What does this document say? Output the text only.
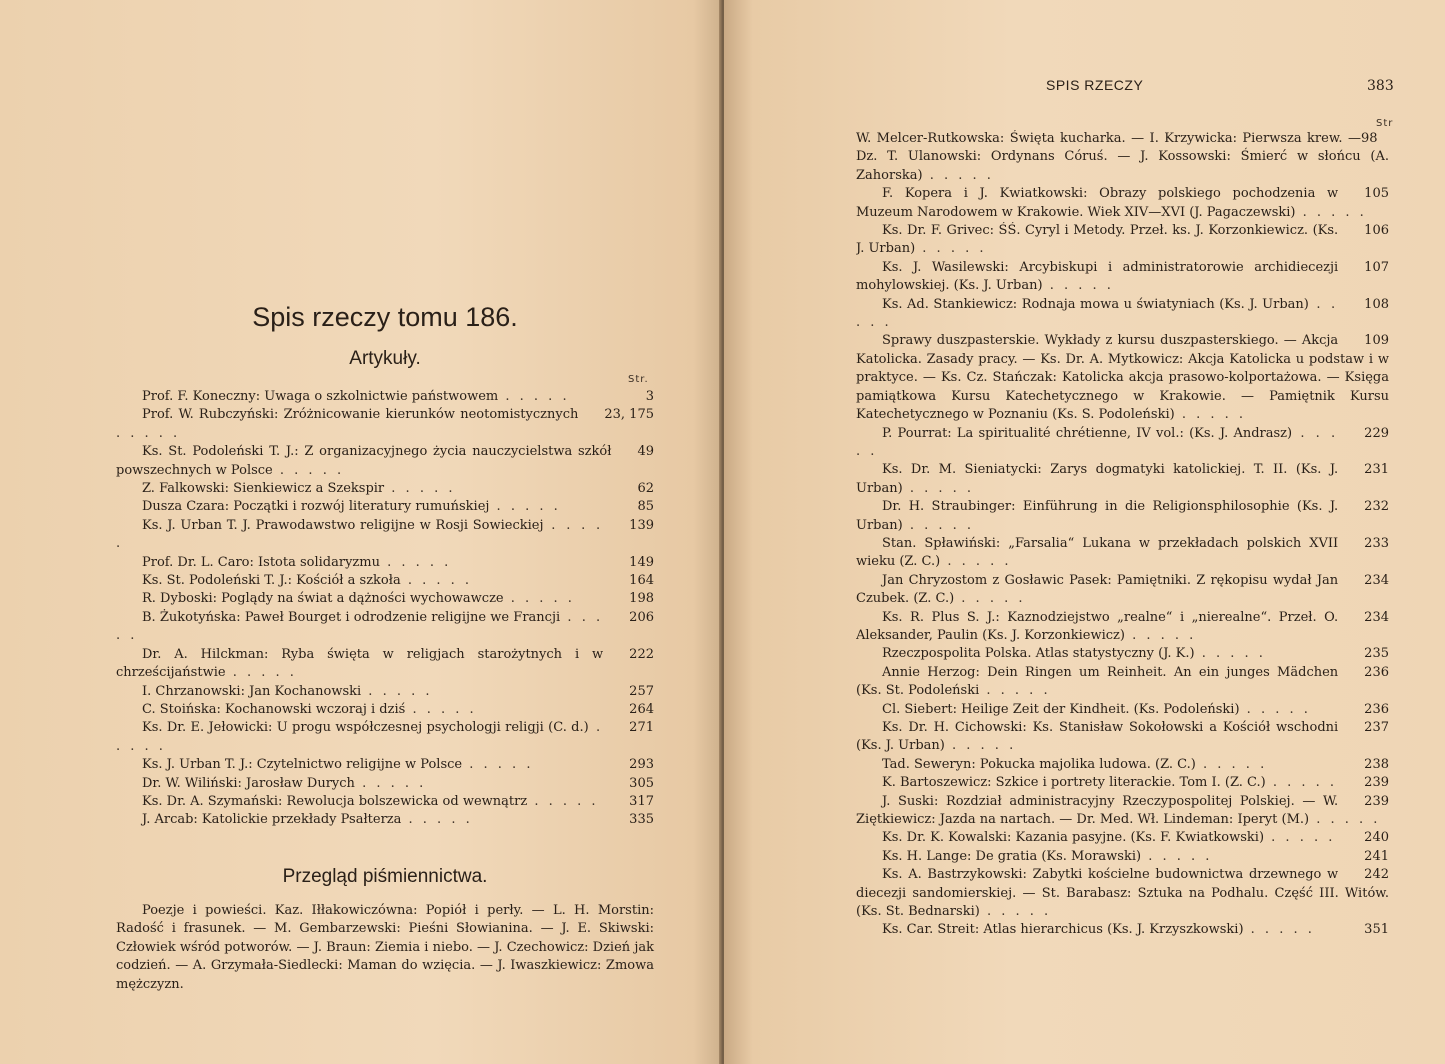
Spis rzeczy tomu 186.
Artykuły.
Str.
3
Prof. F. Koneczny: Uwaga o szkolnictwie państwowem . . . . .
23, 175
Prof. W. Rubczyński: Zróżnicowanie kierunków neotomistycznych . . . . .
49
Ks. St. Podoleński T. J.: Z organizacyjnego życia nauczycielstwa szkół powszechnych w Polsce . . . . .
62
Z. Falkowski: Sienkiewicz a Szekspir . . . . .
85
Dusza Czara: Początki i rozwój literatury rumuńskiej . . . . .
139
Ks. J. Urban T. J. Prawodawstwo religijne w Rosji Sowieckiej . . . . .
149
Prof. Dr. L. Caro: Istota solidaryzmu . . . . .
164
Ks. St. Podoleński T. J.: Kościół a szkoła . . . . .
198
R. Dyboski: Poglądy na świat a dążności wychowawcze . . . . .
206
B. Żukotyńska: Paweł Bourget i odrodzenie religijne we Francji . . . . .
222
Dr. A. Hilckman: Ryba święta w religjach starożytnych i w chrześcijaństwie . . . . .
257
I. Chrzanowski: Jan Kochanowski . . . . .
264
C. Stoińska: Kochanowski wczoraj i dziś . . . . .
271
Ks. Dr. E. Jełowicki: U progu współczesnej psychologji religji (C. d.) . . . . .
293
Ks. J. Urban T. J.: Czytelnictwo religijne w Polsce . . . . .
305
Dr. W. Wiliński: Jarosław Durych . . . . .
317
Ks. Dr. A. Szymański: Rewolucja bolszewicka od wewnątrz . . . . .
335
J. Arcab: Katolickie przekłady Psałterza . . . . .
Przegląd piśmiennictwa.
Poezje i powieści. Kaz. Iłłakowiczówna: Popiół i perły. — L. H. Morstin: Radość i frasunek. — M. Gembarzewski: Pieśni Słowianina. — J. E. Skiwski: Człowiek wśród potworów. — J. Braun: Ziemia i niebo. — J. Czechowicz: Dzień jak codzień. — A. Grzymała-Siedlecki: Maman do wzięcia. — J. Iwaszkiewicz: Zmowa mężczyzn.
SPIS RZECZY	383
Str
98
W. Melcer-Rutkowska: Święta kucharka. — I. Krzywicka: Pierwsza krew. — Dz. T. Ulanowski: Ordynans Córuś. — J. Kossowski: Śmierć w słońcu (A. Zahorska) . . . . .
105
F. Kopera i J. Kwiatkowski: Obrazy polskiego pochodzenia w Muzeum Narodowem w Krakowie. Wiek XIV—XVI (J. Pagaczewski) . . . . .
106
Ks. Dr. F. Grivec: ŚŚ. Cyryl i Metody. Przeł. ks. J. Korzonkiewicz. (Ks. J. Urban) . . . . .
107
Ks. J. Wasilewski: Arcybiskupi i administratorowie archidiecezji mohylowskiej. (Ks. J. Urban) . . . . .
108
Ks. Ad. Stankiewicz: Rodnaja mowa u światyniach (Ks. J. Urban) . . . . .
109
Sprawy duszpasterskie. Wykłady z kursu duszpasterskiego. — Akcja Katolicka. Zasady pracy. — Ks. Dr. A. Mytkowicz: Akcja Katolicka u podstaw i w praktyce. — Ks. Cz. Stańczak: Katolicka akcja prasowo-kolportażowa. — Księga pamiątkowa Kursu Katechetycznego w Krakowie. — Pamiętnik Kursu Katechetycznego w Poznaniu (Ks. S. Podoleński) . . . . .
229
P. Pourrat: La spiritualité chrétienne, IV vol.: (Ks. J. Andrasz) . . . . .
231
Ks. Dr. M. Sieniatycki: Zarys dogmatyki katolickiej. T. II. (Ks. J. Urban) . . . . .
232
Dr. H. Straubinger: Einführung in die Religionsphilosophie (Ks. J. Urban) . . . . .
233
Stan. Spławiński: „Farsalia“ Lukana w przekładach polskich XVII wieku (Z. C.) . . . . .
234
Jan Chryzostom z Gosławic Pasek: Pamiętniki. Z rękopisu wydał Jan Czubek. (Z. C.) . . . . .
234
Ks. R. Plus S. J.: Kaznodziejstwo „realne“ i „nierealne“. Przeł. O. Aleksander, Paulin (Ks. J. Korzonkiewicz) . . . . .
235
Rzeczpospolita Polska. Atlas statystyczny (J. K.) . . . . .
236
Annie Herzog: Dein Ringen um Reinheit. An ein junges Mädchen (Ks. St. Podoleński . . . . .
236
Cl. Siebert: Heilige Zeit der Kindheit. (Ks. Podoleński) . . . . .
237
Ks. Dr. H. Cichowski: Ks. Stanisław Sokołowski a Kościół wschodni (Ks. J. Urban) . . . . .
238
Tad. Seweryn: Pokucka majolika ludowa. (Z. C.) . . . . .
239
K. Bartoszewicz: Szkice i portrety literackie. Tom I. (Z. C.) . . . . .
239
J. Suski: Rozdział administracyjny Rzeczypospolitej Polskiej. — W. Ziętkiewicz: Jazda na nartach. — Dr. Med. Wł. Lindeman: Iperyt (M.) . . . . .
240
Ks. Dr. K. Kowalski: Kazania pasyjne. (Ks. F. Kwiatkowski) . . . . .
241
Ks. H. Lange: De gratia (Ks. Morawski) . . . . .
242
Ks. A. Bastrzykowski: Zabytki kościelne budownictwa drzewnego w diecezji sandomierskiej. — St. Barabasz: Sztuka na Podhalu. Część III. Witów. (Ks. St. Bednarski) . . . . .
351
Ks. Car. Streit: Atlas hierarchicus (Ks. J. Krzyszkowski) . . . . .
